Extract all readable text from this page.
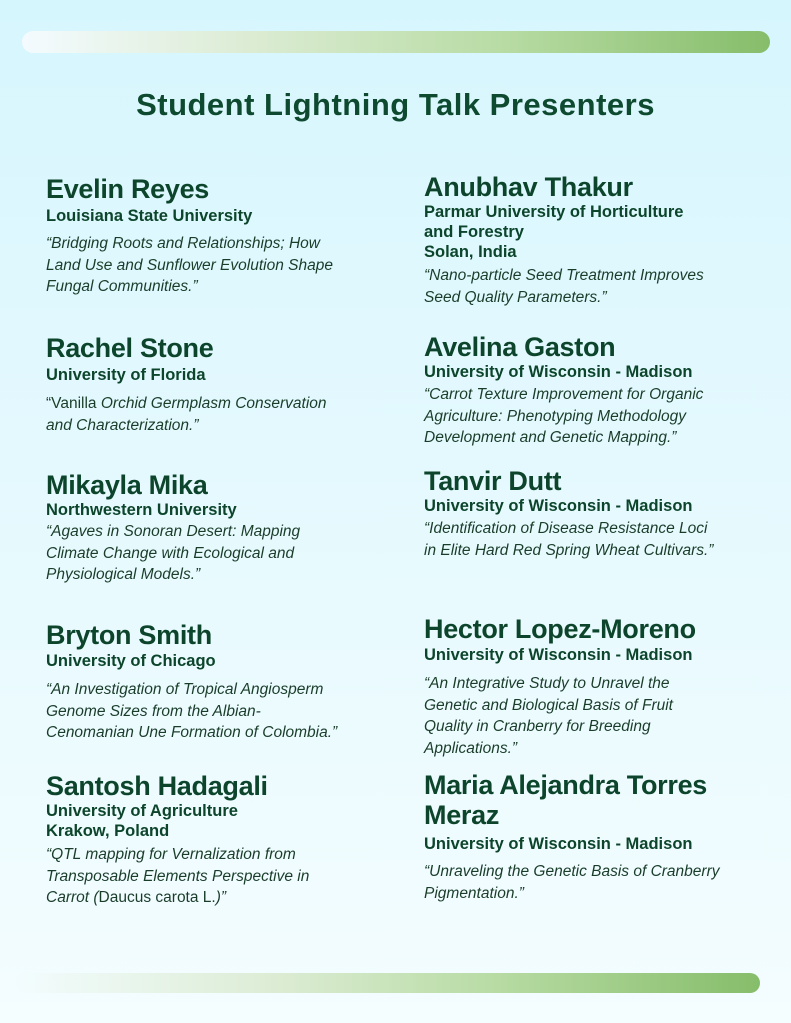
Student Lightning Talk Presenters
Evelin Reyes
Louisiana State University
“Bridging Roots and Relationships; How
Land Use and Sunflower Evolution Shape
Fungal Communities.”
Rachel Stone
University of Florida
“Vanilla Orchid Germplasm Conservation
and Characterization.”
Mikayla Mika
Northwestern University
“Agaves in Sonoran Desert: Mapping
Climate Change with Ecological and
Physiological Models.”
Bryton Smith
University of Chicago
“An Investigation of Tropical Angiosperm
Genome Sizes from the Albian-
Cenomanian Une Formation of Colombia.”
Santosh Hadagali
University of Agriculture
Krakow, Poland
“QTL mapping for Vernalization from
Transposable Elements Perspective in
Carrot (Daucus carota L.)”
Anubhav Thakur
Parmar University of Horticulture
and Forestry
Solan, India
“Nano-particle Seed Treatment Improves
Seed Quality Parameters.”
Avelina Gaston
University of Wisconsin - Madison
“Carrot Texture Improvement for Organic
Agriculture: Phenotyping Methodology
Development and Genetic Mapping.”
Tanvir Dutt
University of Wisconsin - Madison
“Identification of Disease Resistance Loci
in Elite Hard Red Spring Wheat Cultivars.”
Hector Lopez-Moreno
University of Wisconsin - Madison
“An Integrative Study to Unravel the
Genetic and Biological Basis of Fruit
Quality in Cranberry for Breeding
Applications.”
Maria Alejandra Torres
Meraz
University of Wisconsin - Madison
“Unraveling the Genetic Basis of Cranberry
Pigmentation.”
